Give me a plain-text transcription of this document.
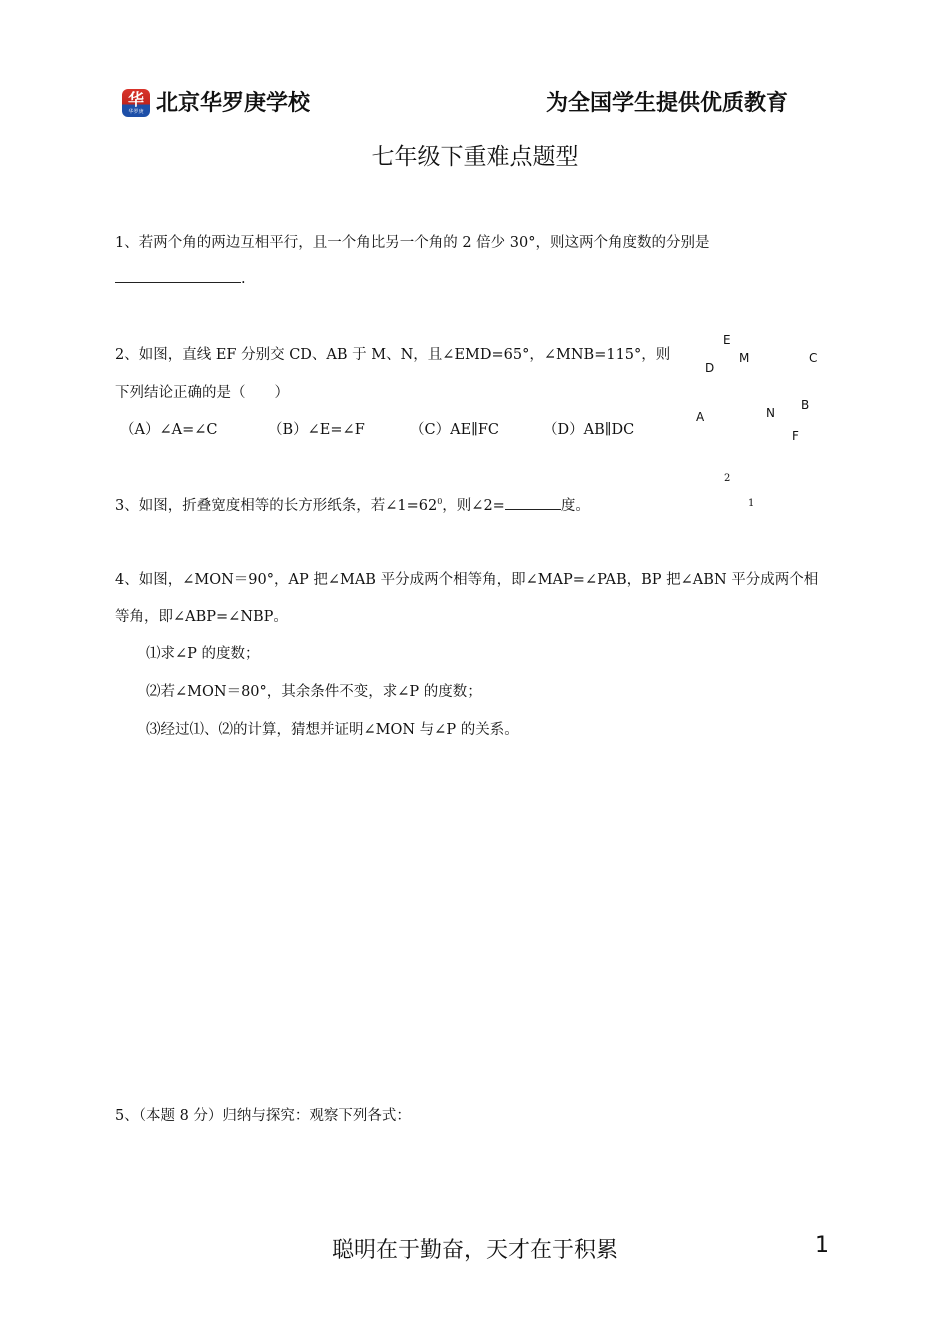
华
华罗庚 北京华罗庚学校	为全国学生提供优质教育
七年级下重难点题型
1、若两个角的两边互相平行，且一个角比另一个角的 2 倍少 30°，则这两个角度数的分别是
.
2、如图，直线 EF 分别交 CD、AB 于 M、N，且∠EMD=65°，∠MNB=115°，则
下列结论正确的是（　　）
（A）∠A=∠C	（B）∠E=∠F	（C）AE∥FC	（D）AB∥DC
E
D
M	C
A	N
B
F
3、如图，折叠宽度相等的长方形纸条，若$\angle 1=62^0$，则∠2=	度。
2
1
4、如图，∠MON＝90°，AP 把∠MAB 平分成两个相等角，即∠MAP=∠PAB，BP 把∠ABN 平分成两个相
等角，即∠ABP=∠NBP。
⑴求∠P 的度数；
⑵若∠MON＝80°，其余条件不变，求∠P 的度数；
⑶经过⑴、⑵的计算，猜想并证明∠MON 与∠P 的关系。
5、（本题 8 分）归纳与探究：观察下列各式：
聪明在于勤奋，天才在于积累	1
